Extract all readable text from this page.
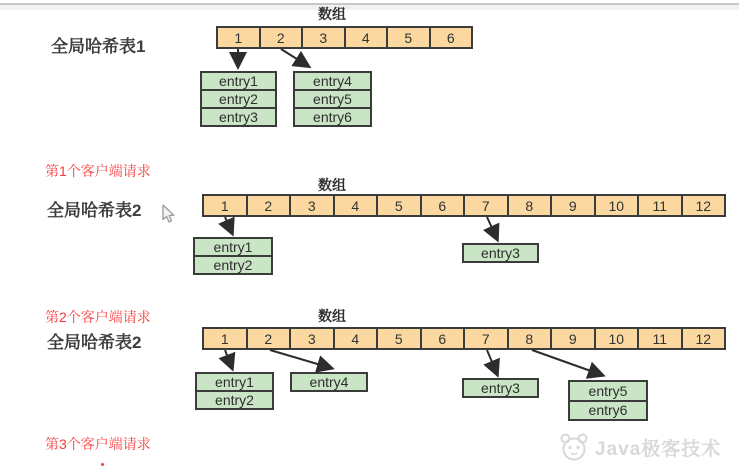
数组
全局哈希表1	1	2	3	4	5	6
entry1
entry2
entry3
entry4
entry5
entry6
第1个客户端请求
数组
全局哈希表2	1	2	3	4	5	6	7	8	9	10	11	12
entry1
entry2
entry3
第2个客户端请求	数组
全局哈希表2	1	2	3	4	5	6	7	8	9	10	11	12
entry1
entry2
entry4	entry3	entry5
entry6
第3个客户端请求	Java极客技术
